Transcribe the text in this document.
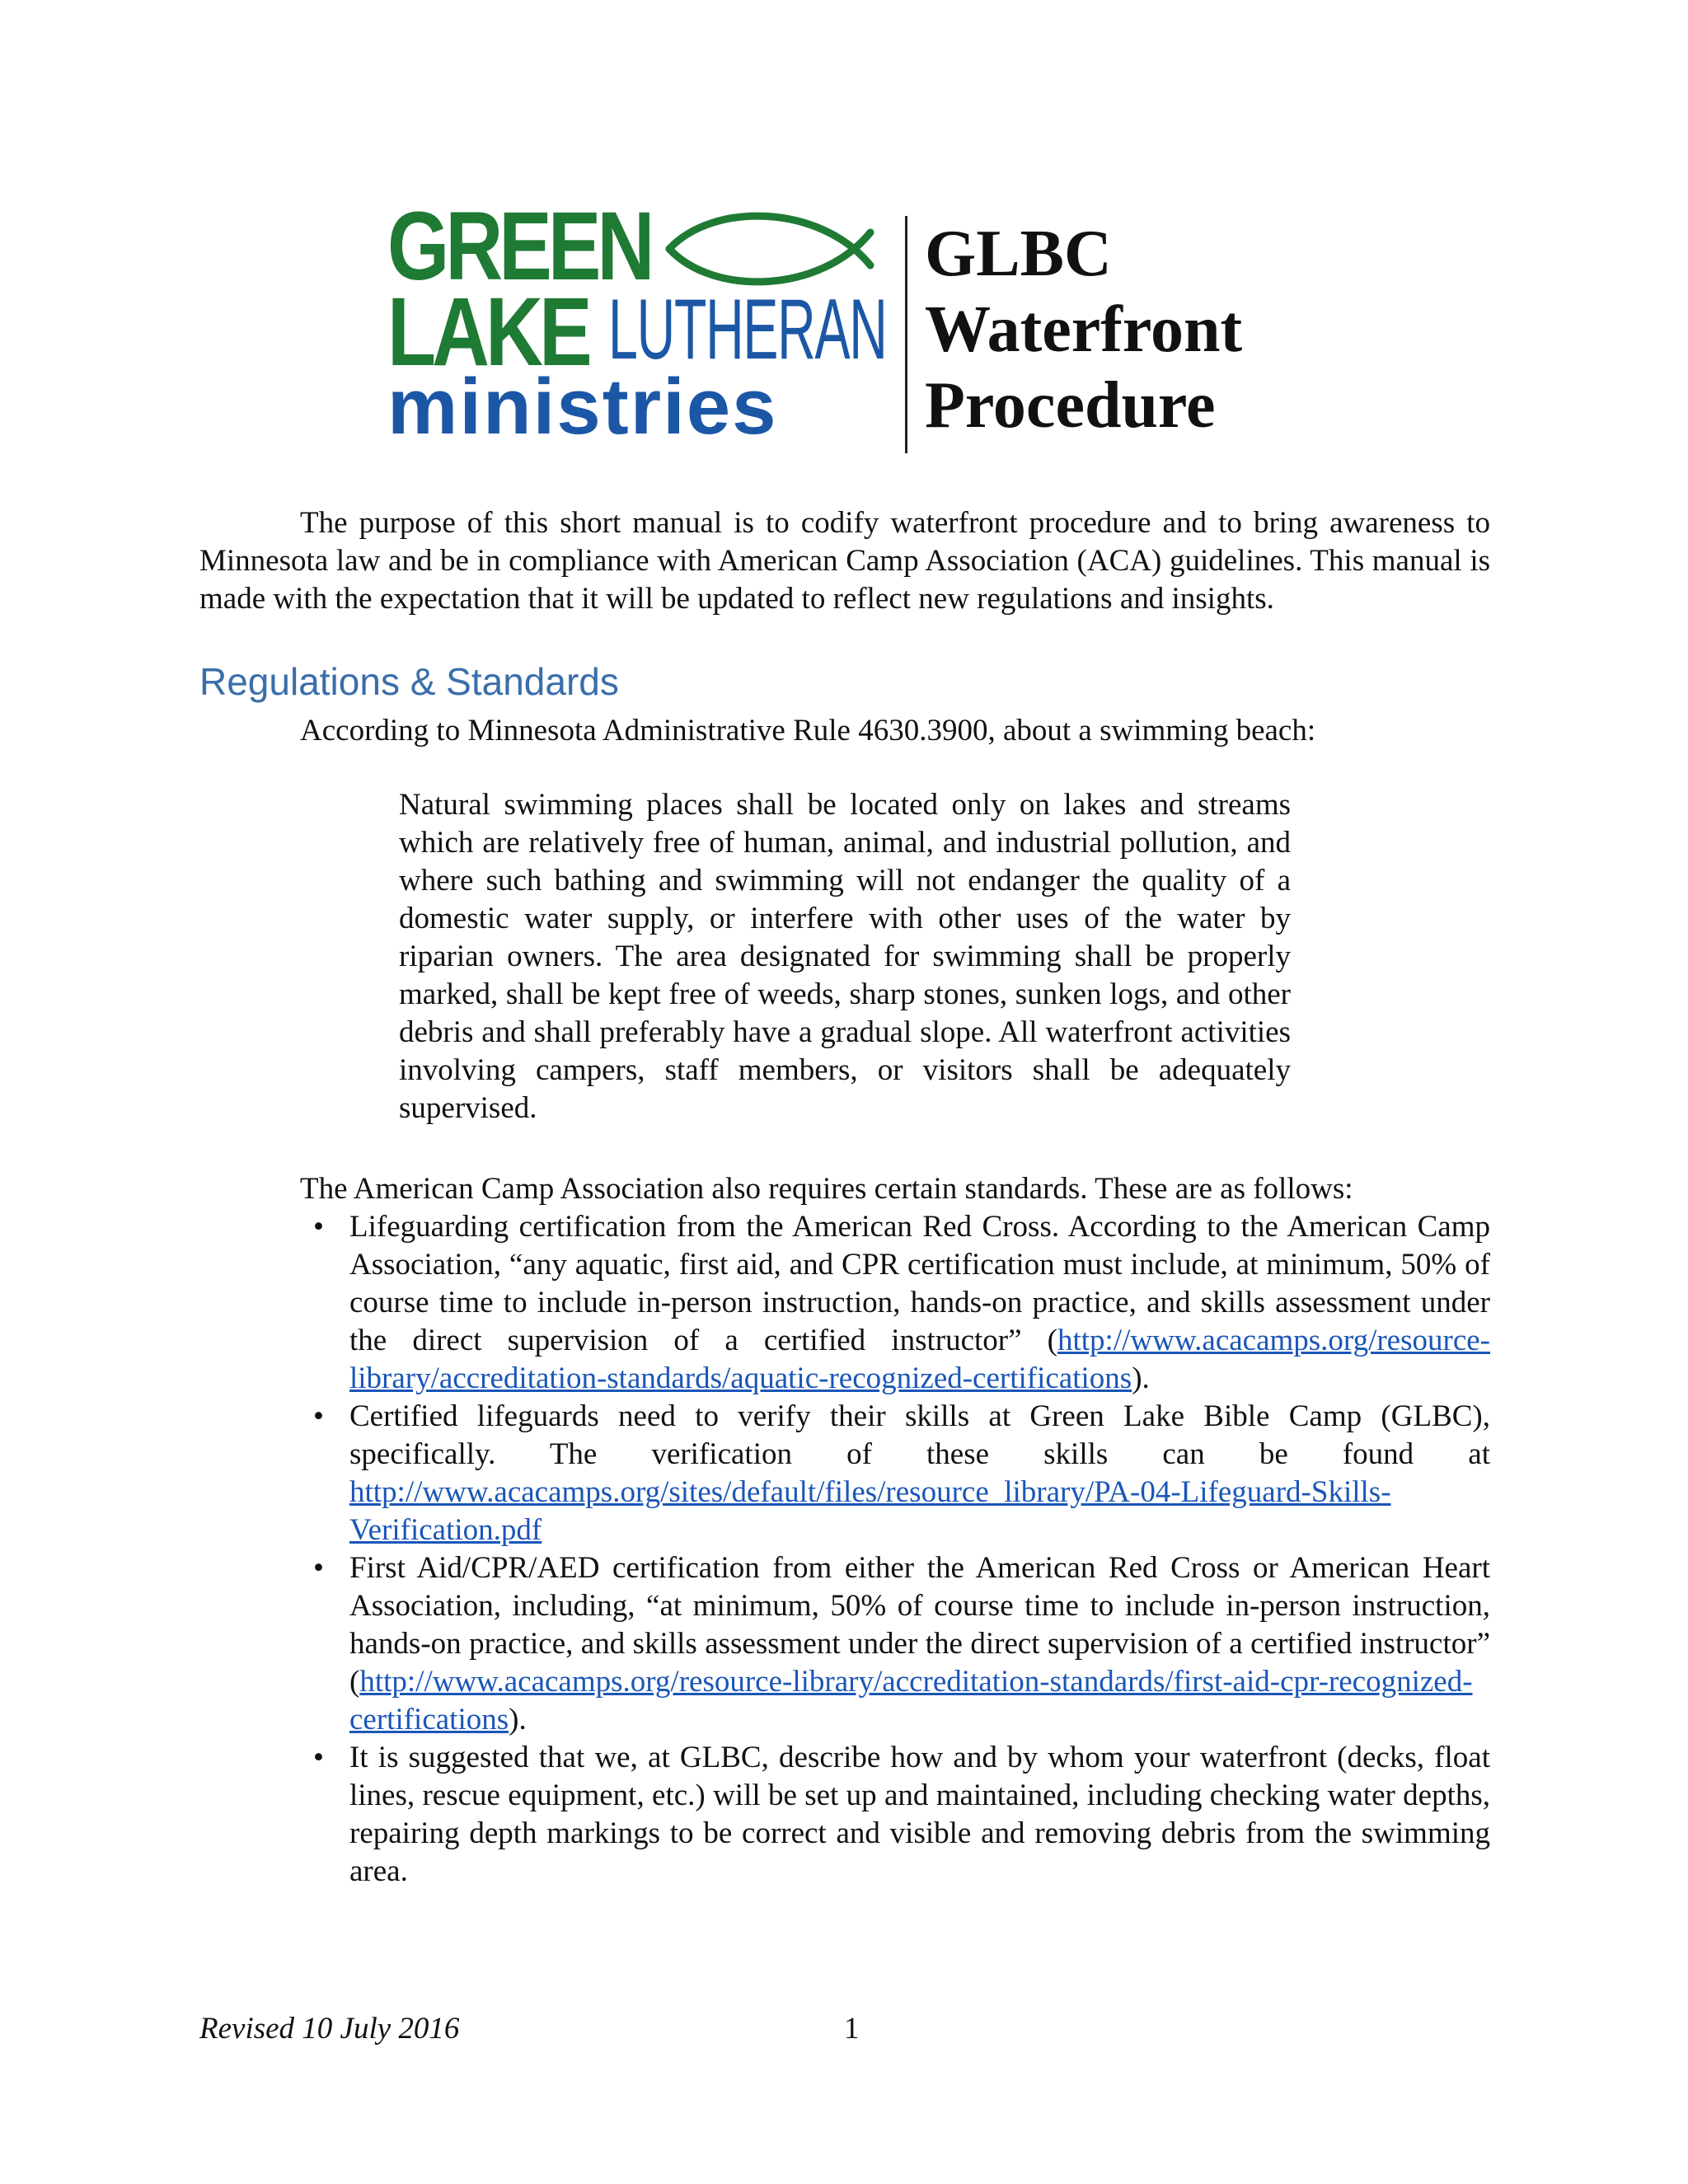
GREEN
LAKE LUTHERAN
ministries
GLBC
Waterfront
Procedure
The purpose of this short manual is to codify waterfront procedure and to bring awareness to Minnesota law and be in compliance with American Camp Association (ACA) guidelines. This manual is made with the expectation that it will be updated to reflect new regulations and insights.
Regulations & Standards
According to Minnesota Administrative Rule 4630.3900, about a swimming beach:
Natural swimming places shall be located only on lakes and streams which are relatively free of human, animal, and industrial pollution, and where such bathing and swimming will not endanger the quality of a domestic water supply, or interfere with other uses of the water by riparian owners. The area designated for swimming shall be properly marked, shall be kept free of weeds, sharp stones, sunken logs, and other debris and shall preferably have a gradual slope. All waterfront activities involving campers, staff members, or visitors shall be adequately supervised.
The American Camp Association also requires certain standards. These are as follows:
• Lifeguarding certification from the American Red Cross. According to the American Camp Association, “any aquatic, first aid, and CPR certification must include, at minimum, 50% of course time to include in-person instruction, hands-on practice, and skills assessment under the direct supervision of a certified instructor” (http://www.acacamps.org/resource-library/accreditation-standards/aquatic-recognized-certifications).
• Certified lifeguards need to verify their skills at Green Lake Bible Camp (GLBC), specifically. The verification of these skills can be found at http://www.acacamps.org/sites/default/files/resource_library/PA-04-Lifeguard-Skills-Verification.pdf
• First Aid/CPR/AED certification from either the American Red Cross or American Heart Association, including, “at minimum, 50% of course time to include in-person instruction, hands-on practice, and skills assessment under the direct supervision of a certified instructor” (http://www.acacamps.org/resource-library/accreditation-standards/first-aid-cpr-recognized-certifications).
• It is suggested that we, at GLBC, describe how and by whom your waterfront (decks, float lines, rescue equipment, etc.) will be set up and maintained, including checking water depths, repairing depth markings to be correct and visible and removing debris from the swimming area.
Revised 10 July 2016	1
